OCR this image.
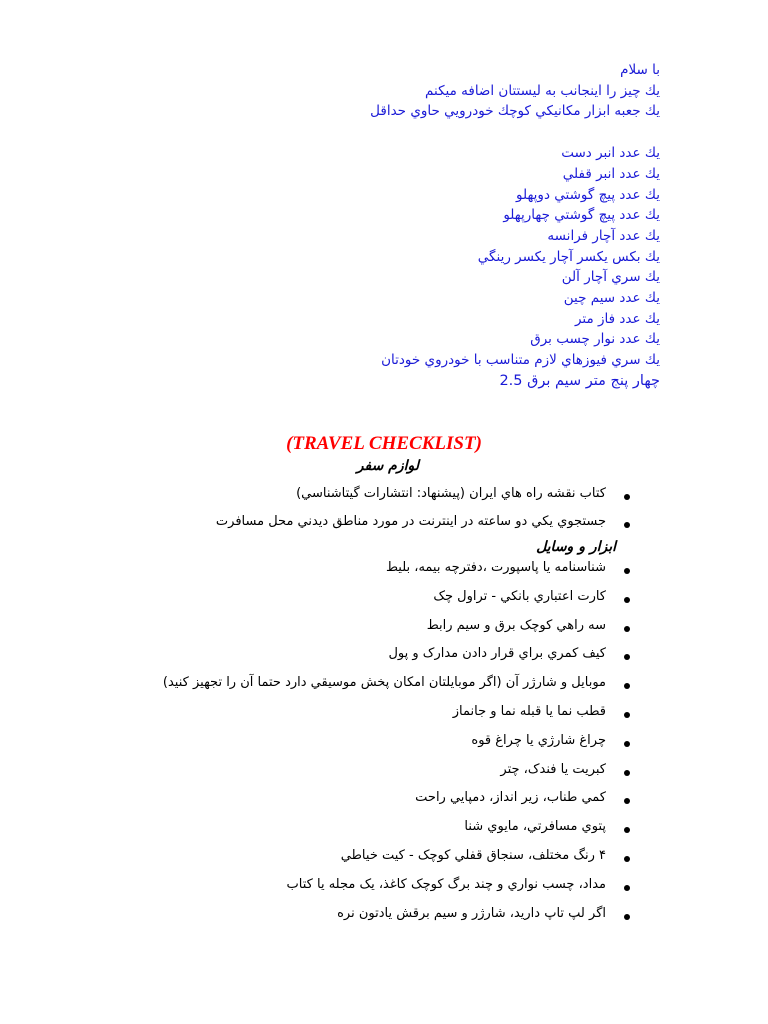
با سلام
يك چيز را اينجانب به ليستتان اضافه ميكنم
يك جعبه ابزار مكانيكي كوچك خودرويي حاوي حداقل
يك عدد انبر دست
يك عدد انبر قفلي
يك عدد پيچ گوشتي دوپهلو
يك عدد پيچ گوشتي چهارپهلو
يك عدد آچار فرانسه
يك بكس يكسر آچار يكسر رينگي
يك سري آچار آلن
يك عدد سيم چين
يك عدد فاز متر
يك عدد نوار چسب برق
يك سري فيوزهاي لازم متناسب با خودروي خودتان
چهار پنج متر سيم برق 2.5
(TRAVEL CHECKLIST)
لوازم سفر
كتاب نقشه راه هاي ايران (پيشنهاد: انتشارات گيتاشناسي)
جستجوي يكي دو ساعته در اينترنت در مورد مناطق ديدني محل مسافرت
ابزار و وسايل
شناسنامه يا پاسپورت ،دفترچه بيمه، بليط
كارت اعتباري بانكي - تراول چک
سه راهي كوچک برق و سيم رابط
كيف كمري براي قرار دادن مدارک و پول
موبايل و شارژر آن (اگر موبايلتان امكان پخش موسيقي دارد حتما آن را تجهيز كنيد)
قطب نما يا قبله نما و جانماز
چراغ شارژي يا چراغ قوه
كبريت يا فندک، چتر
كمي طناب، زير انداز، دمپايي راحت
پتوي مسافرتي، مايوي شنا
۴ رنگ مختلف، سنجاق قفلي كوچک - كيت خياطي
مداد، چسب نواري و چند برگ كوچک كاغذ، یک مجله يا كتاب
اگر لپ تاپ داريد، شارژر و سيم برقش يادتون نره
